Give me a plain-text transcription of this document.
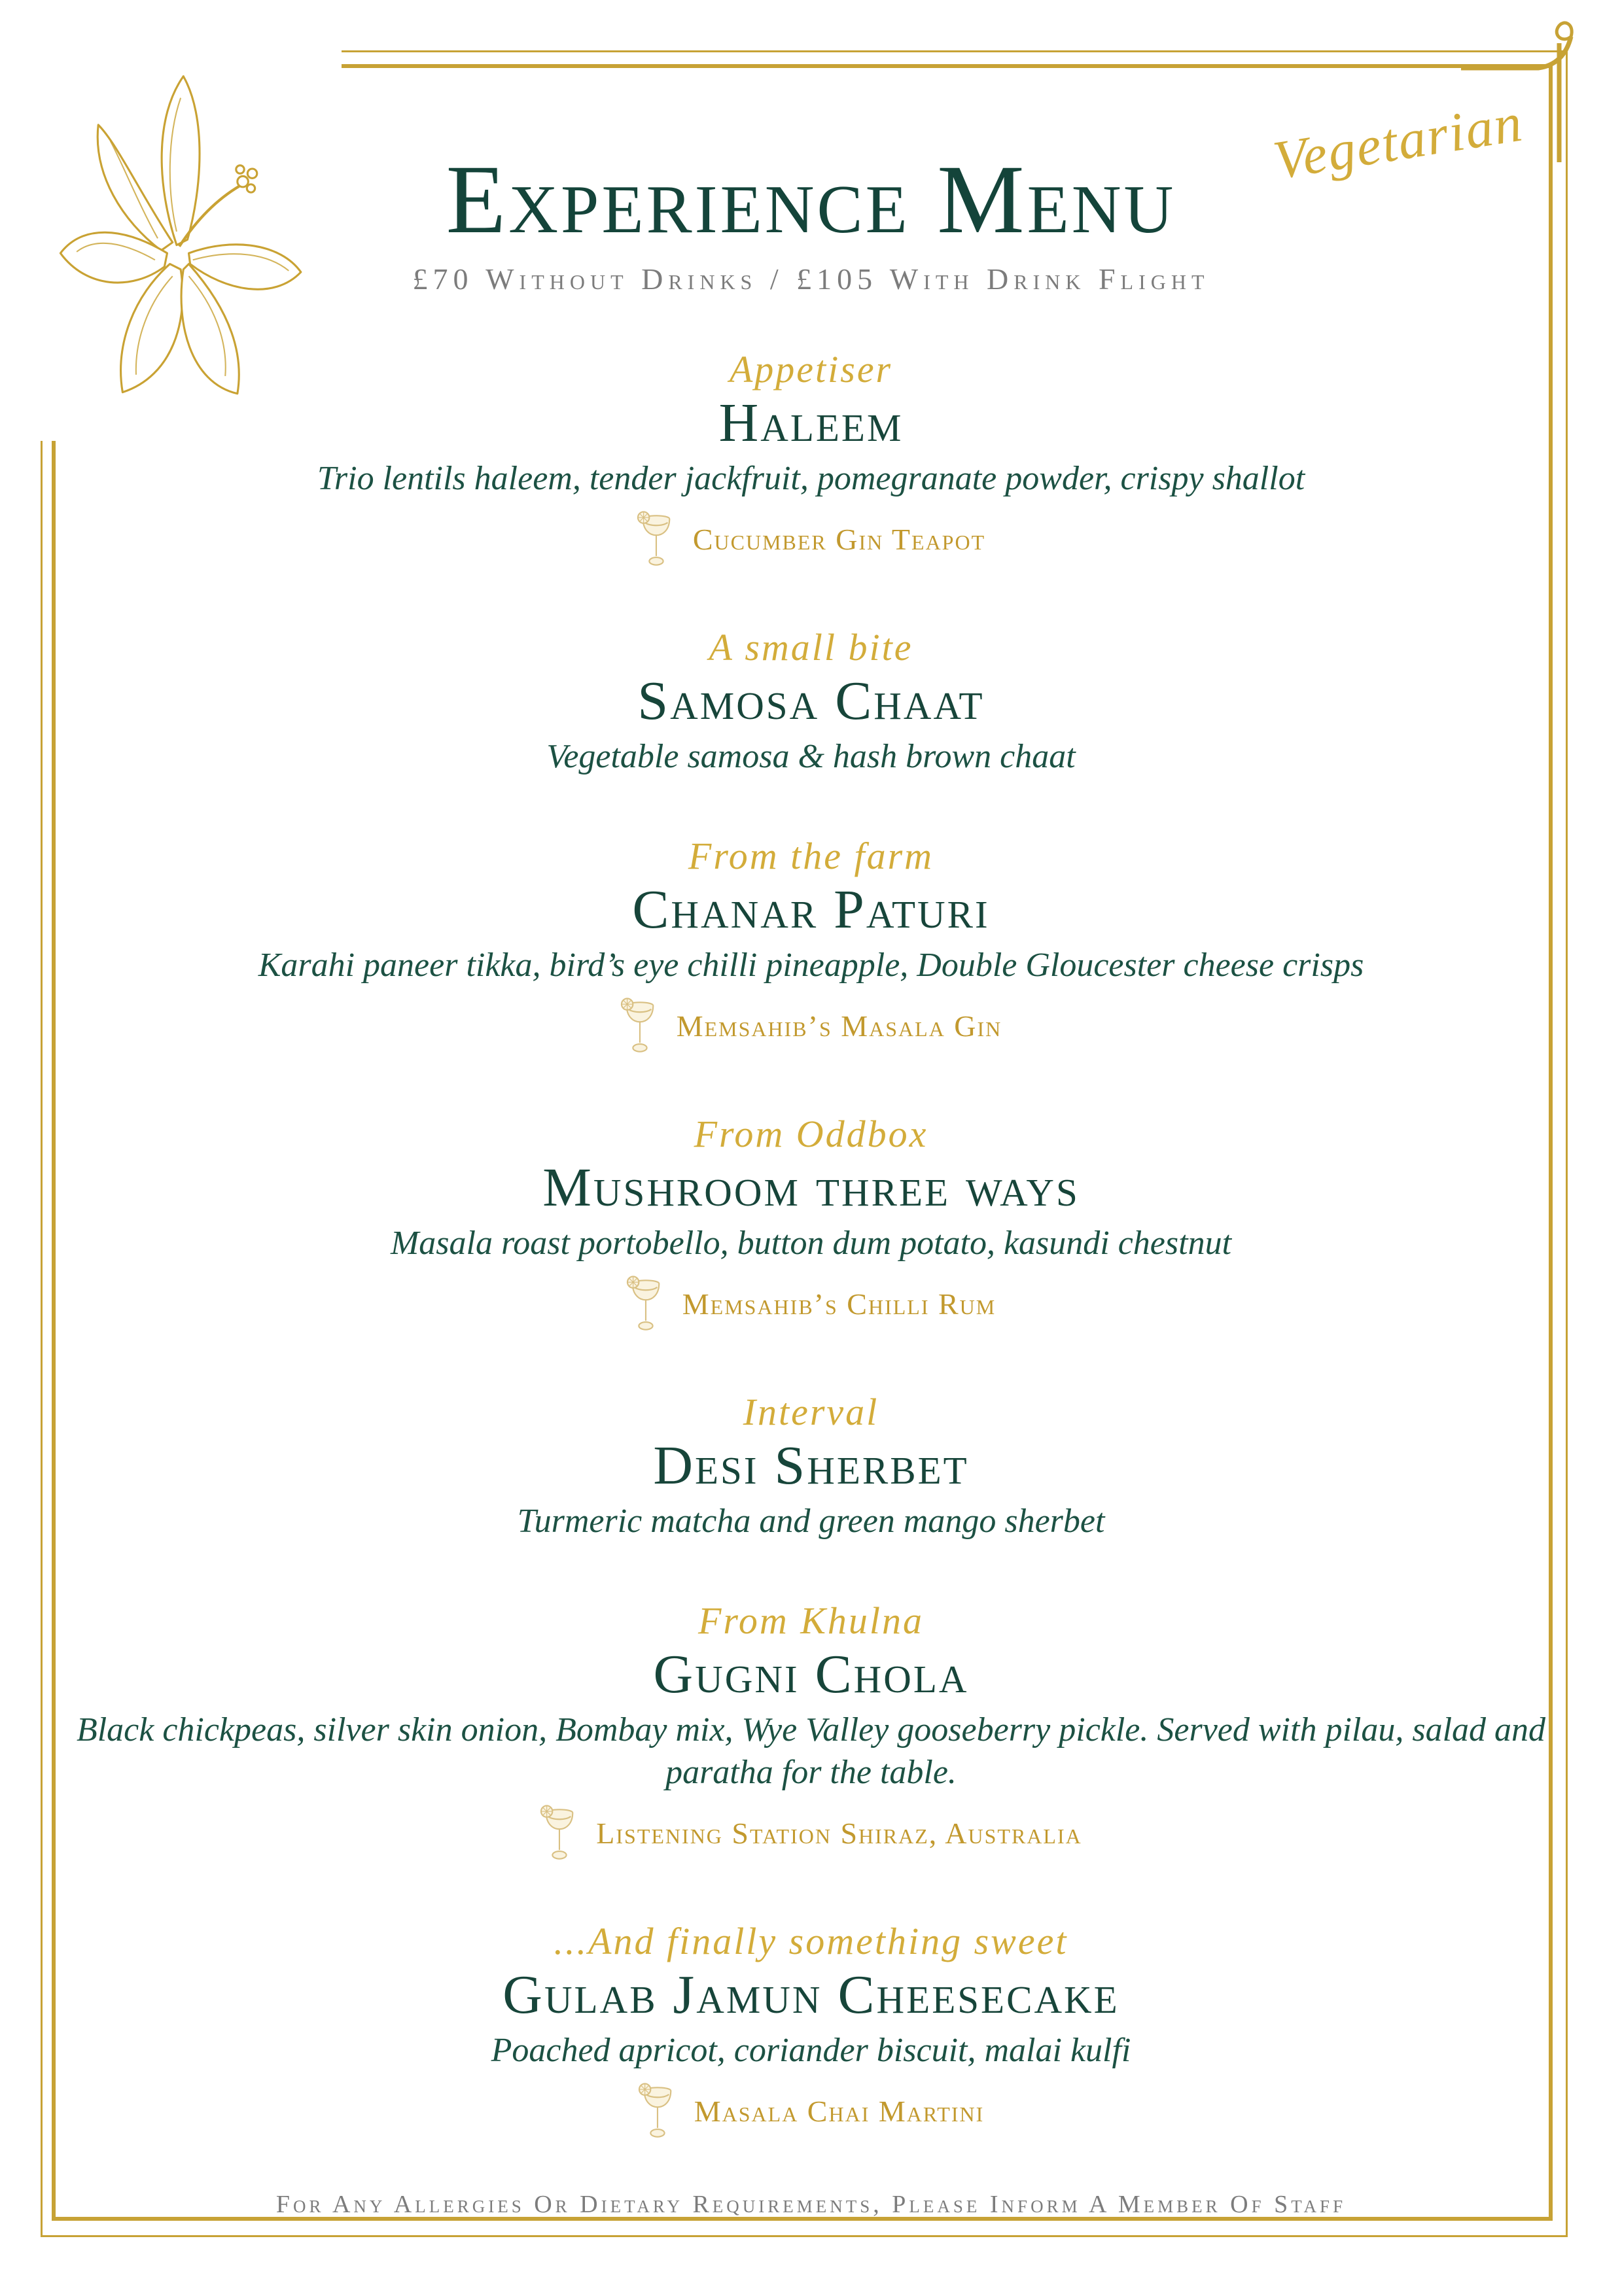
Vegetarian
Experience Menu
£70 Without Drinks / £105 With Drink Flight
Appetiser
Haleem

Trio lentils haleem, tender jackfruit, pomegranate powder, crispy shallot

Cucumber Gin Teapot
A small bite
Samosa Chaat

Vegetable samosa & hash brown chaat

From the farm
Chanar Paturi

Karahi paneer tikka, bird’s eye chilli pineapple, Double Gloucester cheese crisps

Memsahib’s Masala Gin
From Oddbox
Mushroom three ways

Masala roast portobello, button dum potato, kasundi chestnut

Memsahib’s Chilli Rum
Interval
Desi Sherbet

Turmeric matcha and green mango sherbet

From Khulna
Gugni Chola

Black chickpeas, silver skin onion, Bombay mix, Wye Valley gooseberry pickle. Served with pilau, salad and paratha for the table.

Listening Station Shiraz, Australia
...And finally something sweet
Gulab Jamun Cheesecake

Poached apricot, coriander biscuit, malai kulfi

Masala Chai Martini
For Any Allergies Or Dietary Requirements, Please Inform A Member Of Staff
